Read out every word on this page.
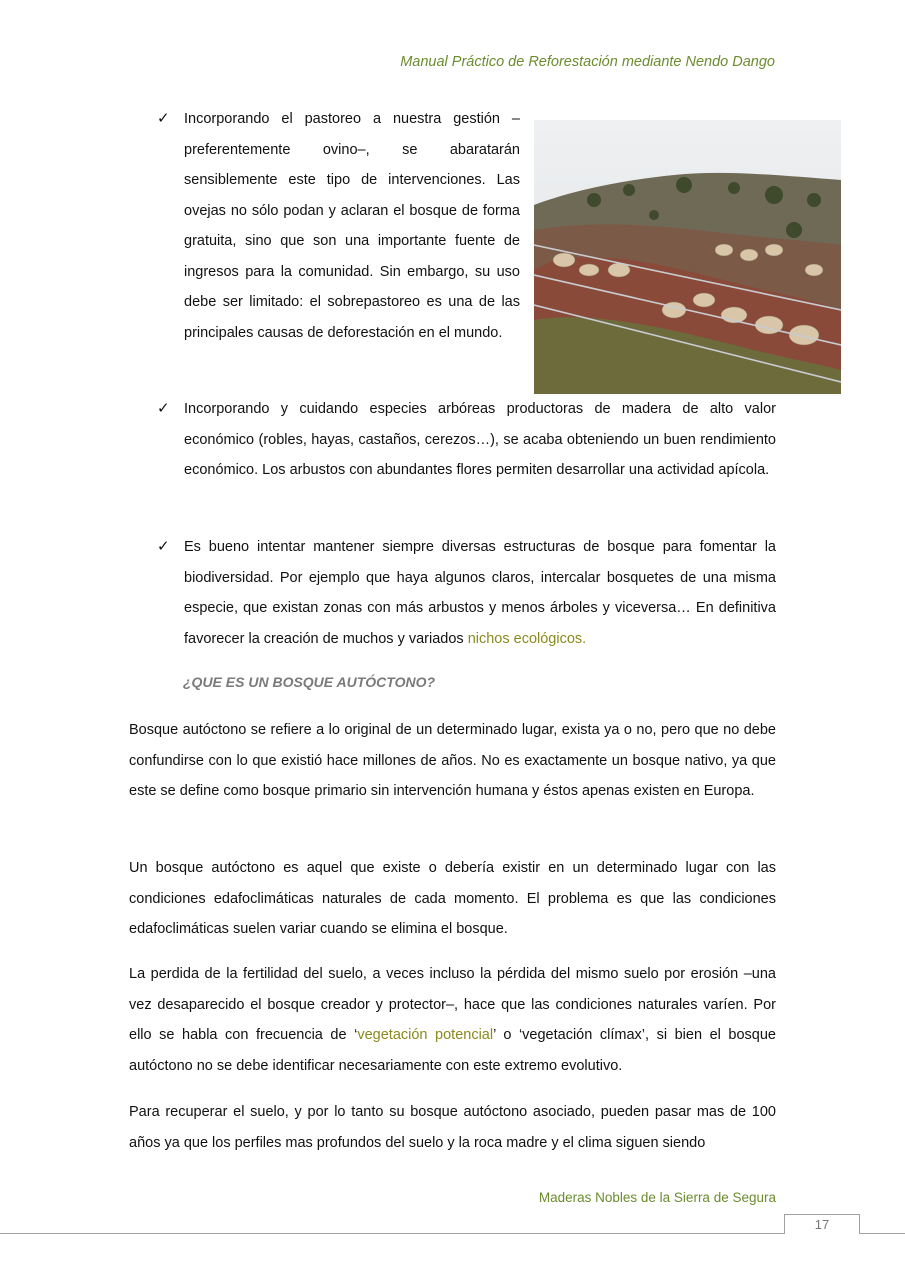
Manual Práctico de Reforestación mediante Nendo Dango
✓ Incorporando el pastoreo a nuestra gestión –preferentemente ovino–, se abaratarán sensiblemente este tipo de intervenciones. Las ovejas no sólo podan y aclaran el bosque de forma gratuita, sino que son una importante fuente de ingresos para la comunidad. Sin embargo, su uso debe ser limitado: el sobrepastoreo es una de las principales causas de deforestación en el mundo.
✓ Incorporando y cuidando especies arbóreas productoras de madera de alto valor económico (robles, hayas, castaños, cerezos…), se acaba obteniendo un buen rendimiento económico. Los arbustos con abundantes flores permiten desarrollar una actividad apícola.
✓ Es bueno intentar mantener siempre diversas estructuras de bosque para fomentar la biodiversidad. Por ejemplo que haya algunos claros, intercalar bosquetes de una misma especie, que existan zonas con más arbustos y menos árboles y viceversa… En definitiva favorecer la creación de muchos y variados nichos ecológicos.
¿QUE ES UN BOSQUE AUTÓCTONO?
Bosque autóctono se refiere a lo original de un determinado lugar, exista ya o no, pero que no debe confundirse con lo que existió hace millones de años. No es exactamente un bosque nativo, ya que este se define como bosque primario sin intervención humana y éstos apenas existen en Europa.
Un bosque autóctono es aquel que existe o debería existir en un determinado lugar con las condiciones edafoclimáticas naturales de cada momento. El problema es que las condiciones edafoclimáticas suelen variar cuando se elimina el bosque.
La perdida de la fertilidad del suelo, a veces incluso la pérdida del mismo suelo por erosión –una vez desaparecido el bosque creador y protector–, hace que las condiciones naturales varíen. Por ello se habla con frecuencia de ‘vegetación potencial’ o ‘vegetación clímax’, si bien el bosque autóctono no se debe identificar necesariamente con este extremo evolutivo.
Para recuperar el suelo, y por lo tanto su bosque autóctono asociado, pueden pasar mas de 100 años ya que los perfiles mas profundos del suelo y la roca madre y el clima siguen siendo
Maderas Nobles de la Sierra de Segura
17
